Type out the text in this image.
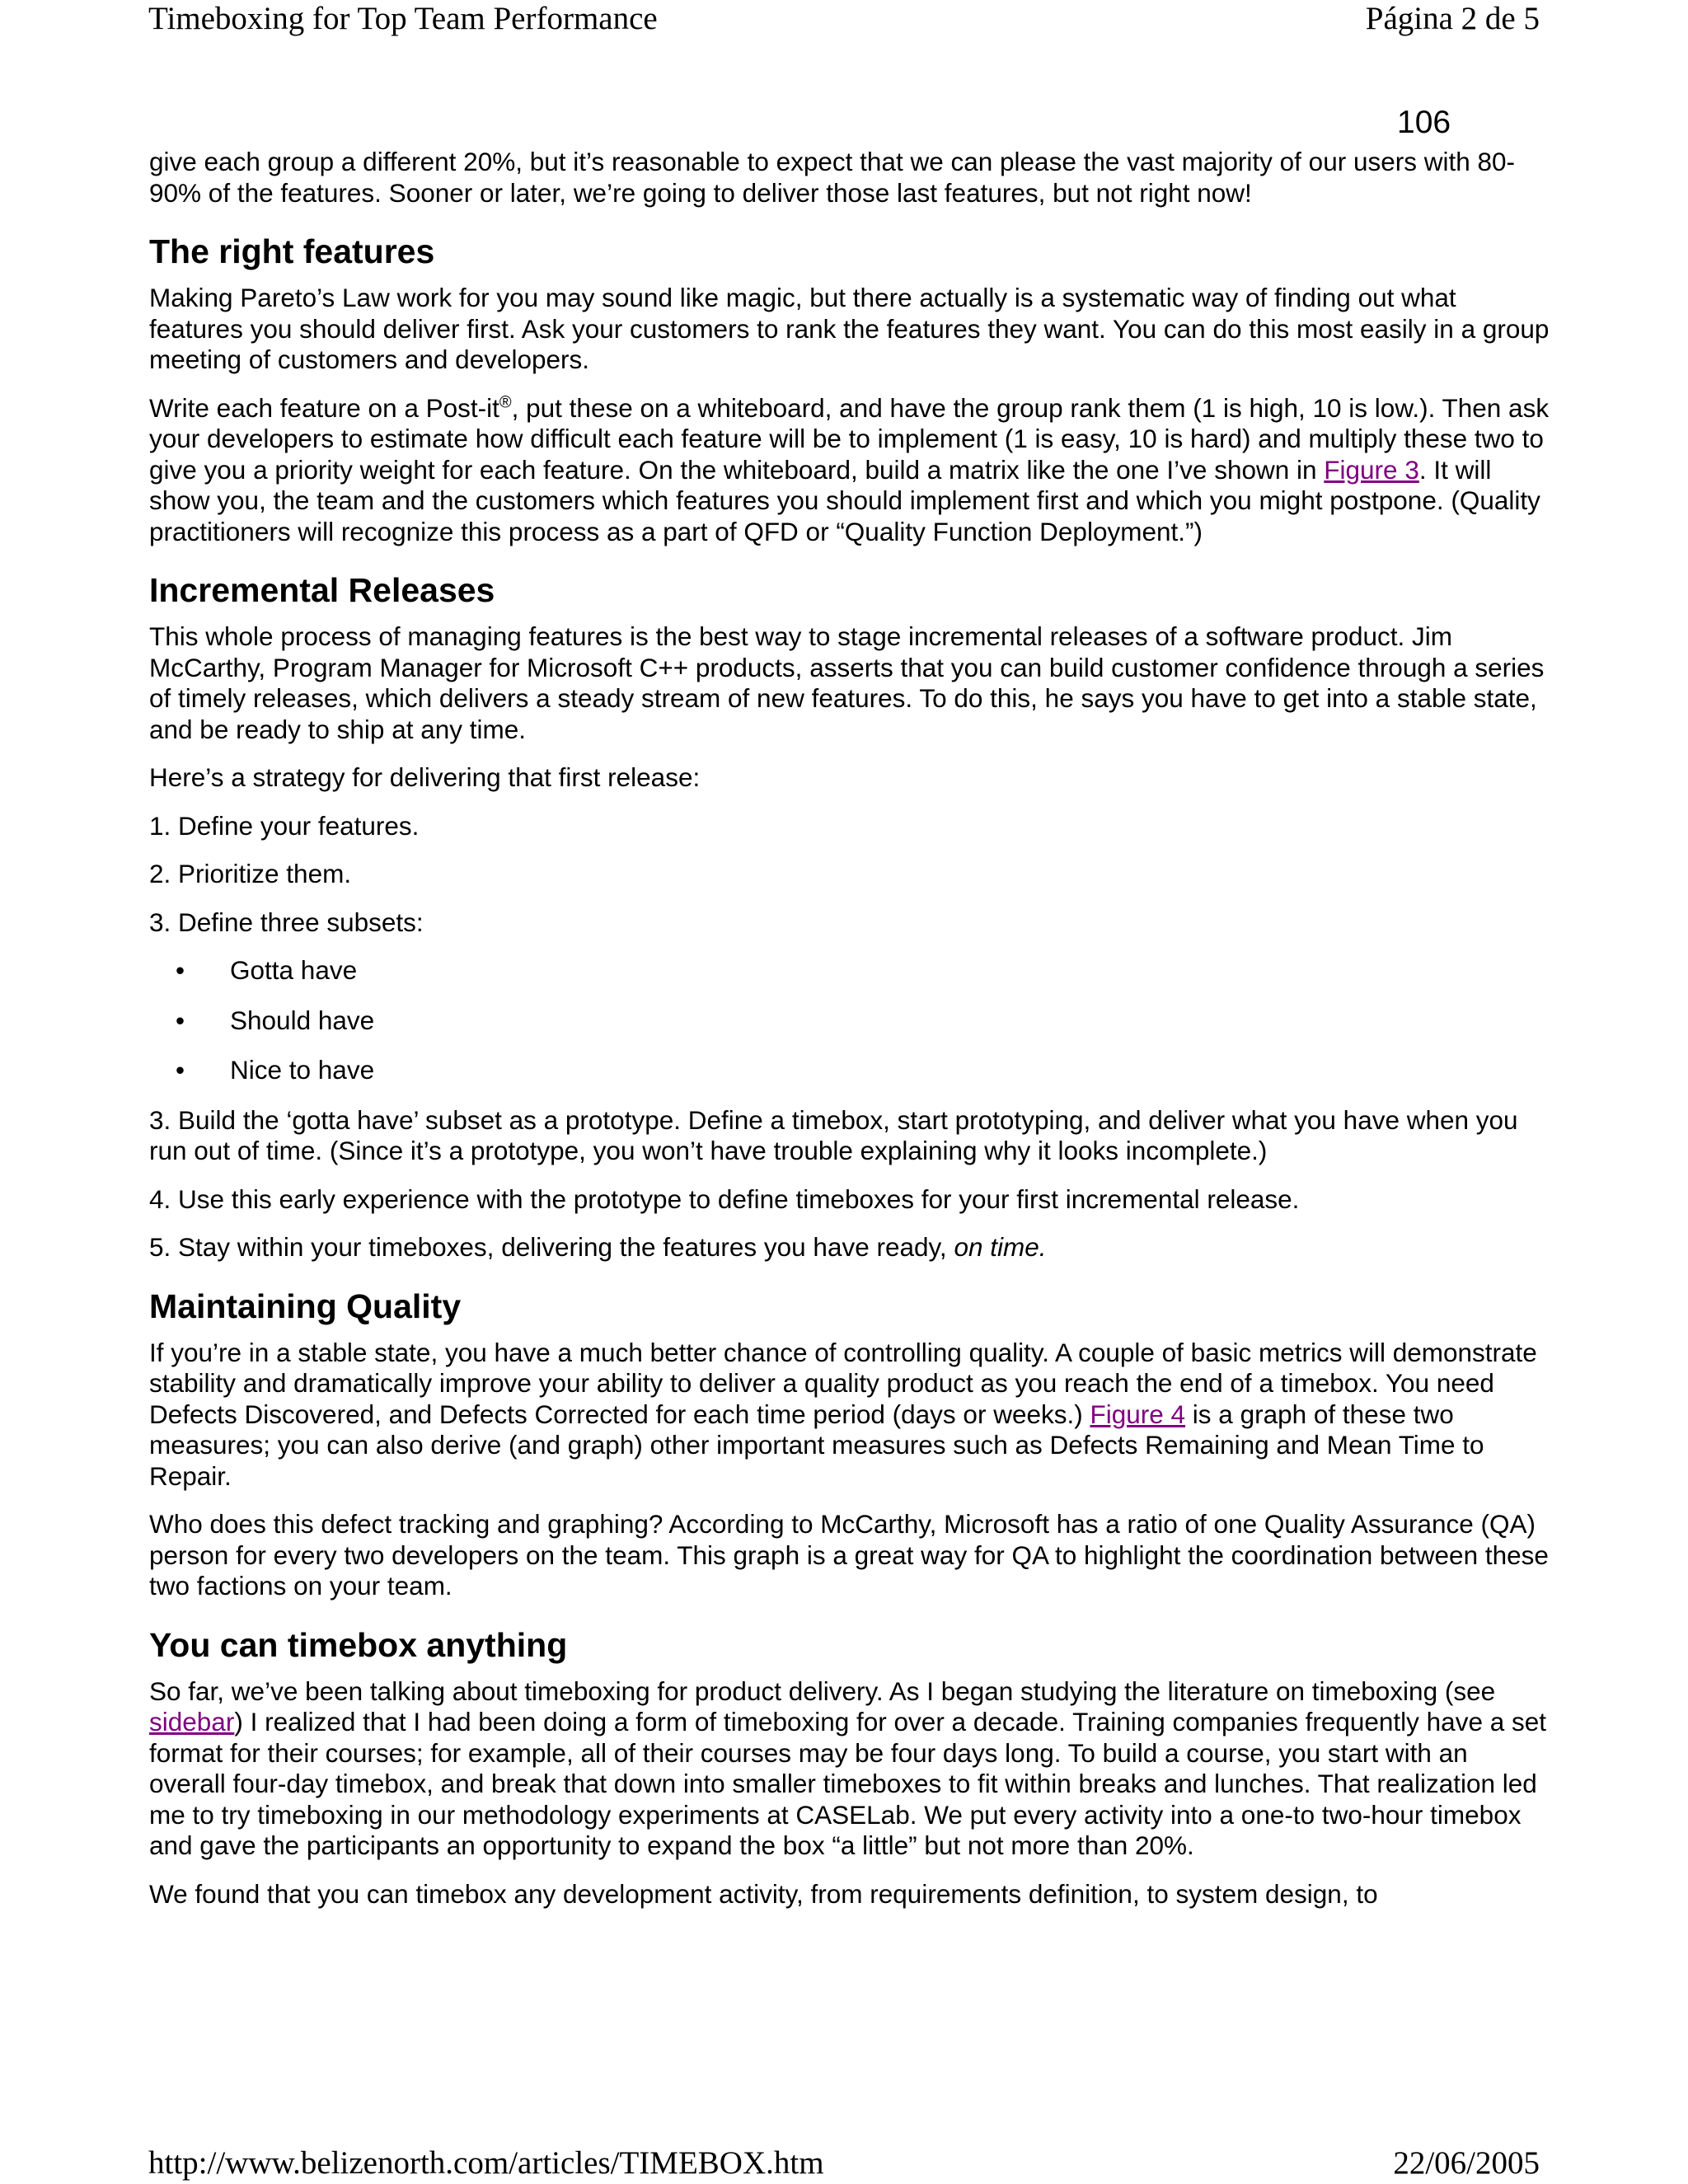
Timeboxing for Top Team Performance	Página 2 de 5
106

give each group a different 20%, but it’s reasonable to expect that we can please the vast majority of our users with 80-90% of the features. Sooner or later, we’re going to deliver those last features, but not right now!

The right features

Making Pareto’s Law work for you may sound like magic, but there actually is a systematic way of finding out what features you should deliver first. Ask your customers to rank the features they want. You can do this most easily in a group meeting of customers and developers.

Write each feature on a Post-it®, put these on a whiteboard, and have the group rank them (1 is high, 10 is low.). Then ask your developers to estimate how difficult each feature will be to implement (1 is easy, 10 is hard) and multiply these two to give you a priority weight for each feature. On the whiteboard, build a matrix like the one I’ve shown in Figure 3. It will show you, the team and the customers which features you should implement first and which you might postpone. (Quality practitioners will recognize this process as a part of QFD or “Quality Function Deployment.”)

Incremental Releases

This whole process of managing features is the best way to stage incremental releases of a software product. Jim McCarthy, Program Manager for Microsoft C++ products, asserts that you can build customer confidence through a series of timely releases, which delivers a steady stream of new features. To do this, he says you have to get into a stable state, and be ready to ship at any time.

Here’s a strategy for delivering that first release:

1. Define your features.

2. Prioritize them.

3. Define three subsets:

• Gotta have
• Should have
• Nice to have

3. Build the ‘gotta have’ subset as a prototype. Define a timebox, start prototyping, and deliver what you have when you run out of time. (Since it’s a prototype, you won’t have trouble explaining why it looks incomplete.)

4. Use this early experience with the prototype to define timeboxes for your first incremental release.

5. Stay within your timeboxes, delivering the features you have ready, on time.

Maintaining Quality

If you’re in a stable state, you have a much better chance of controlling quality. A couple of basic metrics will demonstrate stability and dramatically improve your ability to deliver a quality product as you reach the end of a timebox. You need Defects Discovered, and Defects Corrected for each time period (days or weeks.) Figure 4 is a graph of these two measures; you can also derive (and graph) other important measures such as Defects Remaining and Mean Time to Repair.

Who does this defect tracking and graphing? According to McCarthy, Microsoft has a ratio of one Quality Assurance (QA) person for every two developers on the team. This graph is a great way for QA to highlight the coordination between these two factions on your team.

You can timebox anything

So far, we’ve been talking about timeboxing for product delivery. As I began studying the literature on timeboxing (see sidebar) I realized that I had been doing a form of timeboxing for over a decade. Training companies frequently have a set format for their courses; for example, all of their courses may be four days long. To build a course, you start with an overall four-day timebox, and break that down into smaller timeboxes to fit within breaks and lunches. That realization led me to try timeboxing in our methodology experiments at CASELab. We put every activity into a one-to two-hour timebox and gave the participants an opportunity to expand the box “a little” but not more than 20%.

We found that you can timebox any development activity, from requirements definition, to system design, to

http://www.belizenorth.com/articles/TIMEBOX.htm	22/06/2005
